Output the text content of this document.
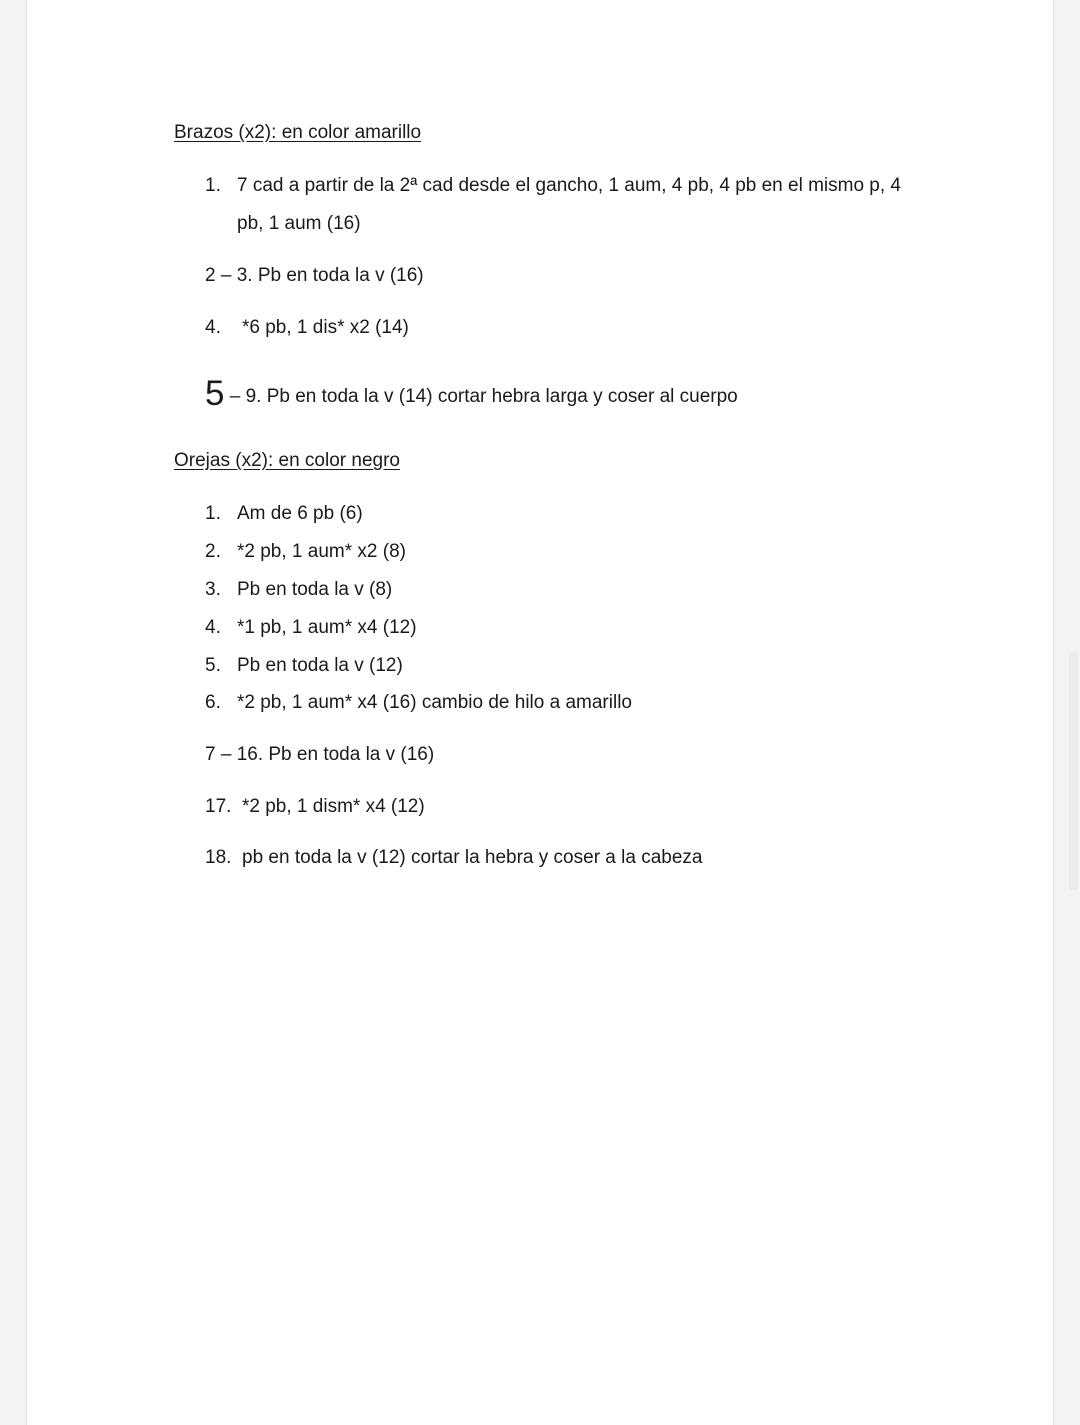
Brazos (x2): en color amarillo
1. 7 cad a partir de la 2ª cad desde el gancho, 1 aum, 4 pb, 4 pb en el mismo p, 4
pb, 1 aum (16)
2 – 3. Pb en toda la v (16)
4. *6 pb, 1 dis* x2 (14)
5 – 9. Pb en toda la v (14) cortar hebra larga y coser al cuerpo
Orejas (x2): en color negro
1. Am de 6 pb (6)
2. *2 pb, 1 aum* x2 (8)
3. Pb en toda la v (8)
4. *1 pb, 1 aum* x4 (12)
5. Pb en toda la v (12)
6. *2 pb, 1 aum* x4 (16) cambio de hilo a amarillo
7 – 16. Pb en toda la v (16)
17. *2 pb, 1 dism* x4 (12)
18. pb en toda la v (12) cortar la hebra y coser a la cabeza
